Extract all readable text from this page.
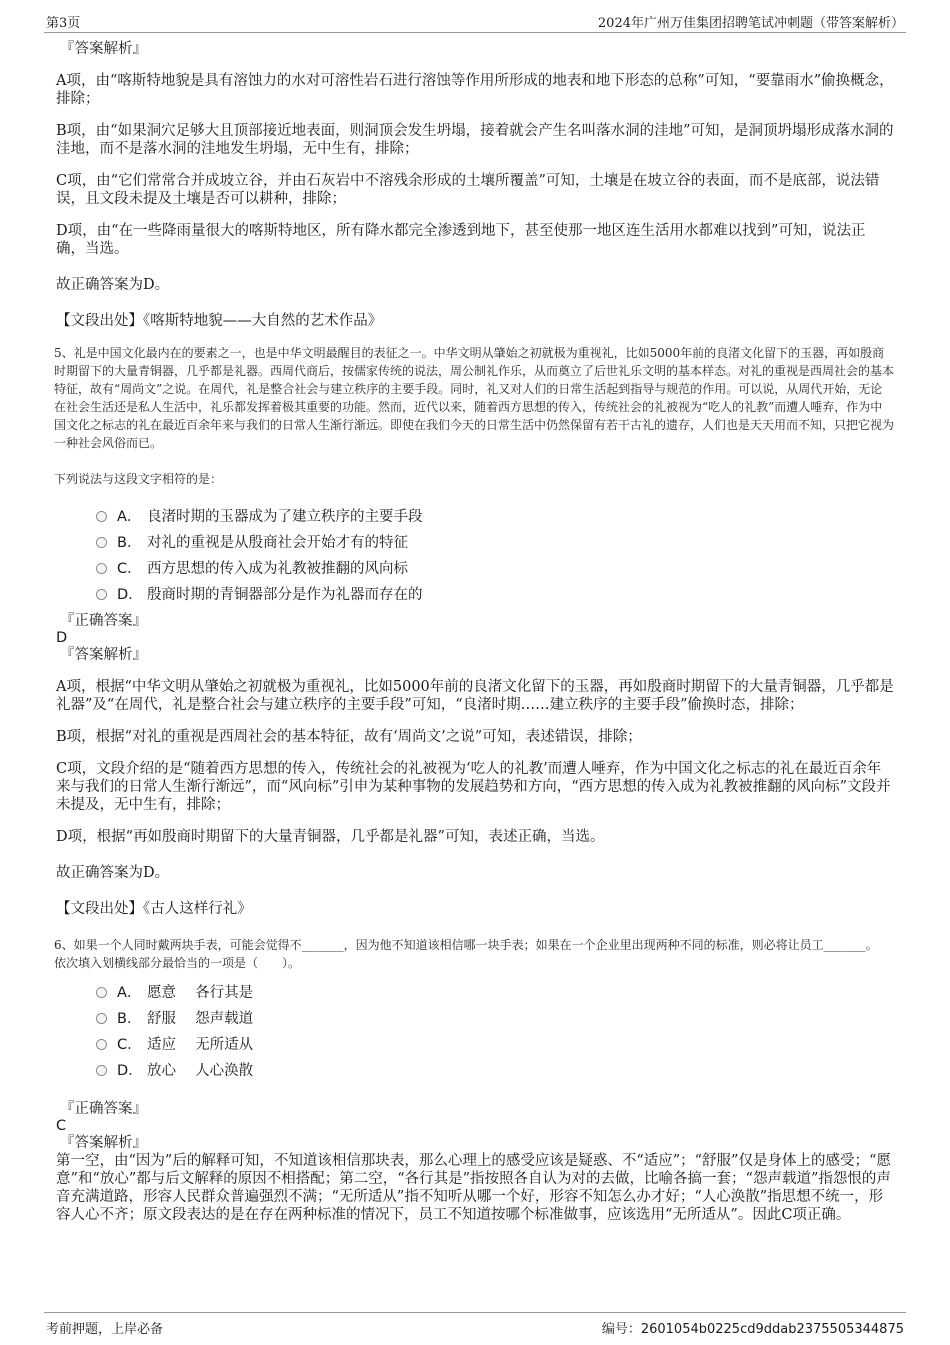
第3页	2024年广州万佳集团招聘笔试冲刺题（带答案解析）

『答案解析』

A项，由“喀斯特地貌是具有溶蚀力的水对可溶性岩石进行溶蚀等作用所形成的地表和地下形态的总称”可知，“要靠雨水”偷换概念，排除；

B项，由“如果洞穴足够大且顶部接近地表面，则洞顶会发生坍塌，接着就会产生名叫落水洞的洼地”可知，是洞顶坍塌形成落水洞的洼地，而不是落水洞的洼地发生坍塌，无中生有，排除；

C项，由“它们常常合并成坡立谷，并由石灰岩中不溶残余形成的土壤所覆盖”可知，土壤是在坡立谷的表面，而不是底部，说法错误，且文段未提及土壤是否可以耕种，排除；

D项，由“在一些降雨量很大的喀斯特地区，所有降水都完全渗透到地下，甚至使那一地区连生活用水都难以找到”可知，说法正确，当选。

故正确答案为D。

【文段出处】《喀斯特地貌——大自然的艺术作品》

5、礼是中国文化最内在的要素之一，也是中华文明最醒目的表征之一。中华文明从肇始之初就极为重视礼，比如5000年前的良渚文化留下的玉器，再如殷商时期留下的大量青铜器，几乎都是礼器。西周代商后，按儒家传统的说法，周公制礼作乐，从而奠立了后世礼乐文明的基本样态。对礼的重视是西周社会的基本特征，故有“周尚文”之说。在周代，礼是整合社会与建立秩序的主要手段。同时，礼又对人们的日常生活起到指导与规范的作用。可以说，从周代开始，无论在社会生活还是私人生活中，礼乐都发挥着极其重要的功能。然而，近代以来，随着西方思想的传入，传统社会的礼被视为“吃人的礼教”而遭人唾弃，作为中国文化之标志的礼在最近百余年来与我们的日常人生渐行渐远。即使在我们今天的日常生活中仍然保留有若干古礼的遗存，人们也是天天用而不知，只把它视为一种社会风俗而已。

下列说法与这段文字相符的是：

A． 良渚时期的玉器成为了建立秩序的主要手段
B． 对礼的重视是从殷商社会开始才有的特征
C． 西方思想的传入成为礼教被推翻的风向标
D． 殷商时期的青铜器部分是作为礼器而存在的

『正确答案』

D

『答案解析』

A项，根据“中华文明从肇始之初就极为重视礼，比如5000年前的良渚文化留下的玉器，再如殷商时期留下的大量青铜器，几乎都是礼器”及“在周代，礼是整合社会与建立秩序的主要手段”可知，“良渚时期……建立秩序的主要手段”偷换时态，排除；

B项，根据“对礼的重视是西周社会的基本特征，故有‘周尚文’之说”可知，表述错误，排除；

C项，文段介绍的是“随着西方思想的传入，传统社会的礼被视为‘吃人的礼教’而遭人唾弃，作为中国文化之标志的礼在最近百余年来与我们的日常人生渐行渐远”，而“风向标”引申为某种事物的发展趋势和方向，“西方思想的传入成为礼教被推翻的风向标”文段并未提及，无中生有，排除；

D项，根据“再如殷商时期留下的大量青铜器，几乎都是礼器”可知，表述正确，当选。

故正确答案为D。

【文段出处】《古人这样行礼》

6、如果一个人同时戴两块手表，可能会觉得不_______，因为他不知道该相信哪一块手表；如果在一个企业里出现两种不同的标准，则必将让员工_______。

依次填入划横线部分最恰当的一项是（　　）。

A． 愿意　 各行其是
B． 舒服　 怨声载道
C． 适应　 无所适从
D． 放心　 人心涣散

『正确答案』

C

『答案解析』

第一空，由“因为”后的解释可知，不知道该相信那块表，那么心理上的感受应该是疑惑、不“适应”；“舒服”仅是身体上的感受；“愿意”和“放心”都与后文解释的原因不相搭配；第二空，“各行其是”指按照各自认为对的去做，比喻各搞一套；“怨声载道”指怨恨的声音充满道路，形容人民群众普遍强烈不满；“无所适从”指不知听从哪一个好，形容不知怎么办才好；“人心涣散”指思想不统一，形容人心不齐；原文段表达的是在存在两种标准的情况下，员工不知道按哪个标准做事，应该选用“无所适从”。因此C项正确。

考前押题，上岸必备	编号：2601054b0225cd9ddab2375505344875
